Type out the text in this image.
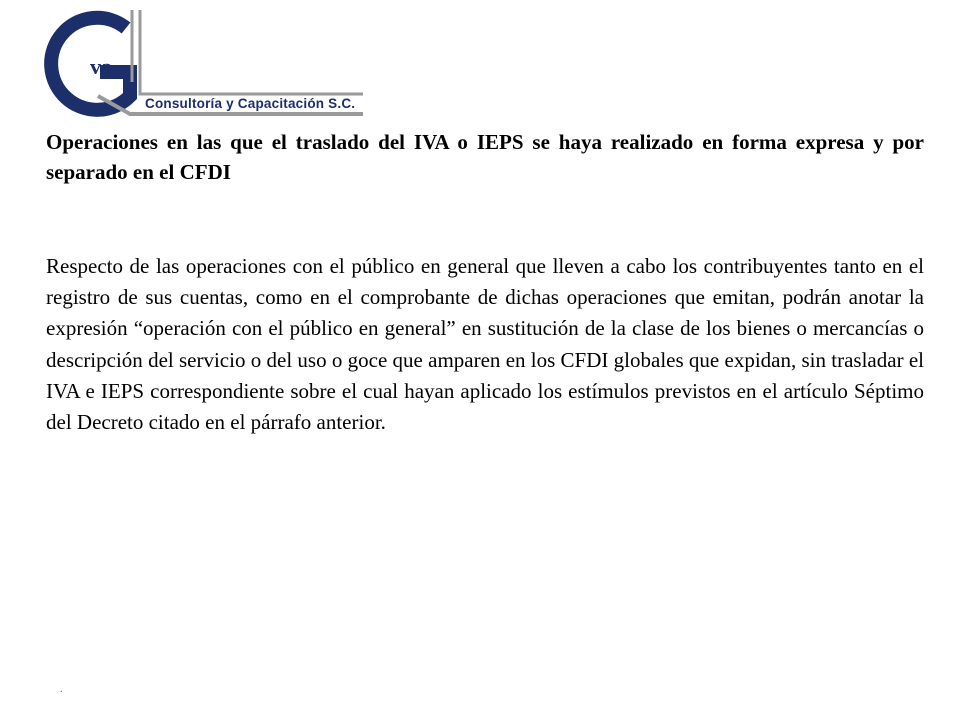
va
Consultoría y Capacitación S.C.

Operaciones en las que el traslado del IVA o IEPS se haya realizado en forma expresa y por separado en el CFDI

Respecto de las operaciones con el público en general que lleven a cabo los contribuyentes tanto en el registro de sus cuentas, como en el comprobante de dichas operaciones que emitan, podrán anotar la expresión “operación con el público en general” en sustitución de la clase de los bienes o mercancías o descripción del servicio o del uso o goce que amparen en los CFDI globales que expidan, sin trasladar el IVA e IEPS correspondiente sobre el cual hayan aplicado los estímulos previstos en el artículo Séptimo del Decreto citado en el párrafo anterior.

.
